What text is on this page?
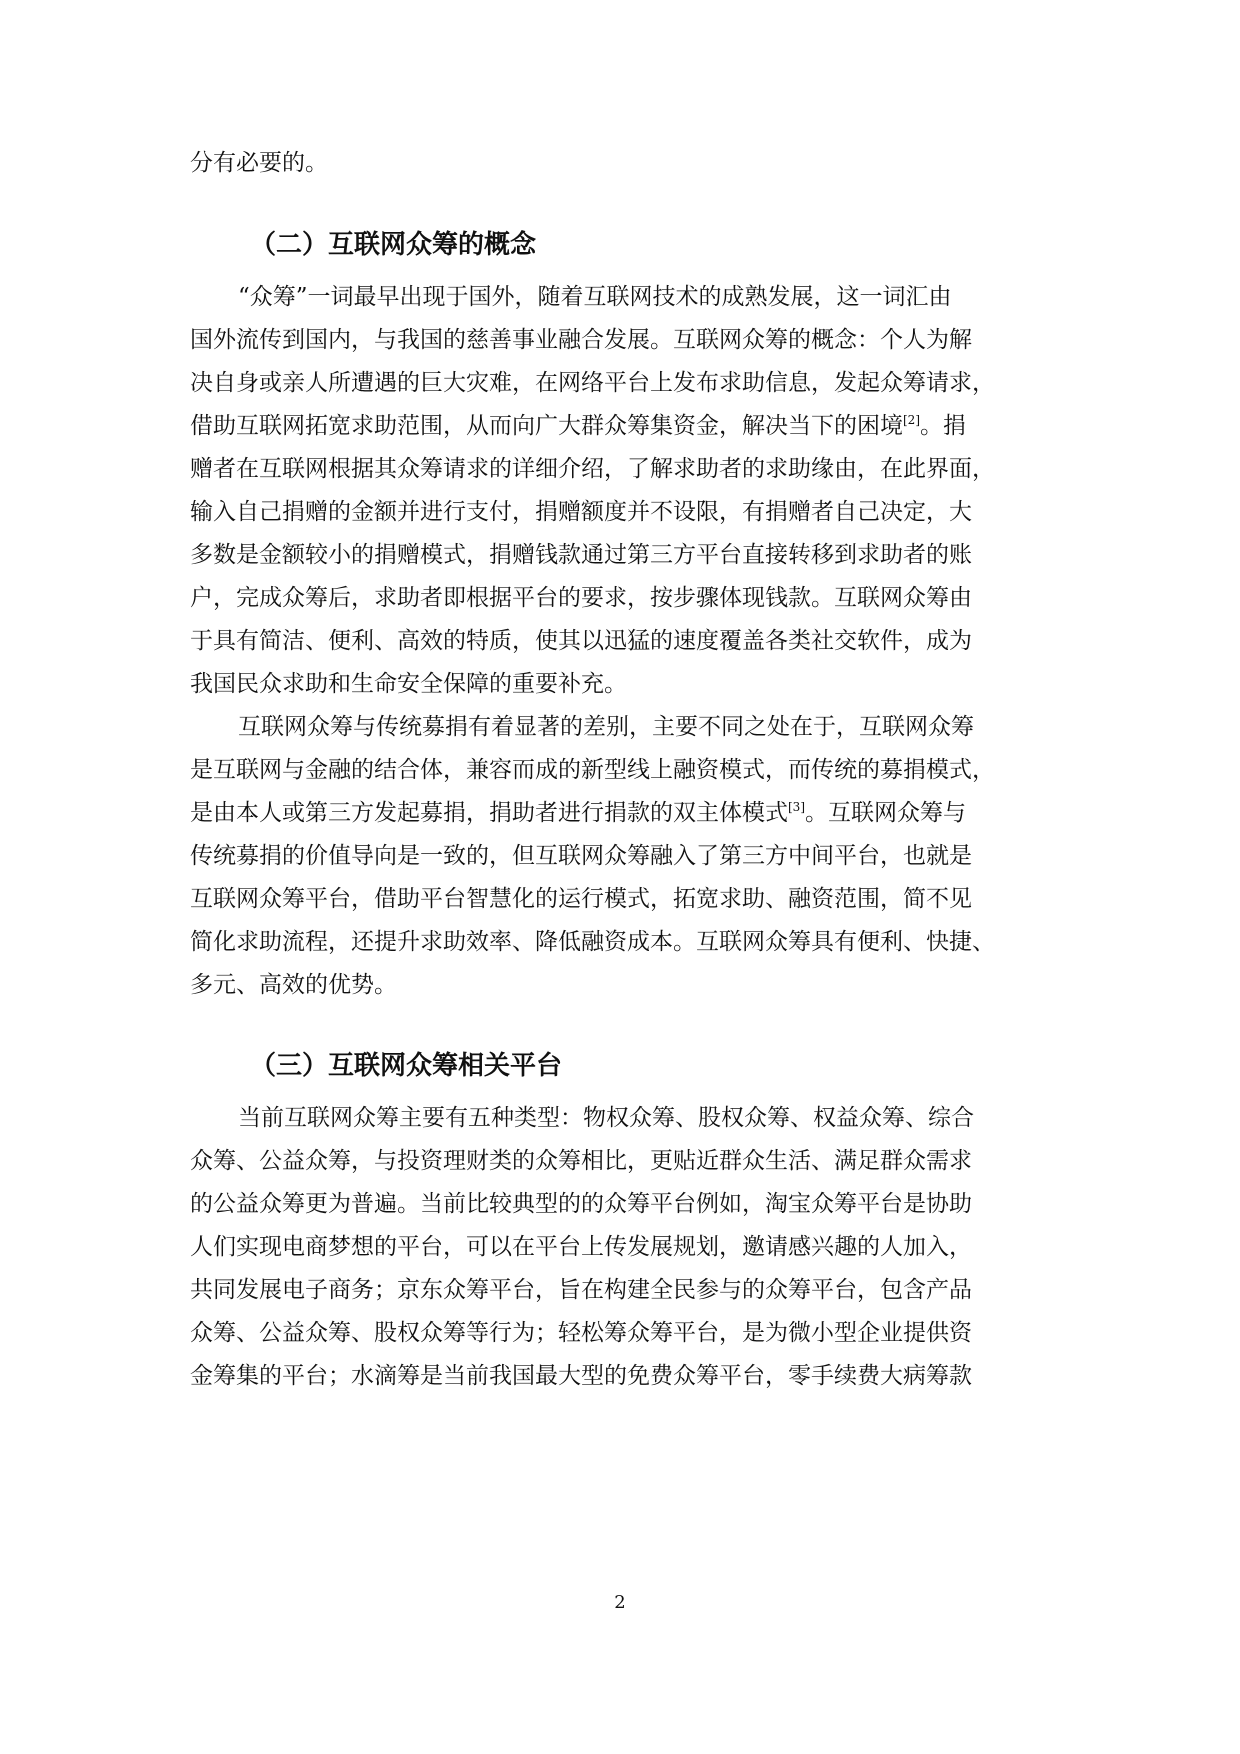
分有必要的。
（二）互联网众筹的概念
“众筹”一词最早出现于国外，随着互联网技术的成熟发展，这一词汇由
国外流传到国内，与我国的慈善事业融合发展。互联网众筹的概念：个人为解
决自身或亲人所遭遇的巨大灾难，在网络平台上发布求助信息，发起众筹请求，
借助互联网拓宽求助范围，从而向广大群众筹集资金，解决当下的困境[2]。捐
赠者在互联网根据其众筹请求的详细介绍，了解求助者的求助缘由，在此界面，
输入自己捐赠的金额并进行支付，捐赠额度并不设限，有捐赠者自己决定，大
多数是金额较小的捐赠模式，捐赠钱款通过第三方平台直接转移到求助者的账
户，完成众筹后，求助者即根据平台的要求，按步骤体现钱款。互联网众筹由
于具有简洁、便利、高效的特质，使其以迅猛的速度覆盖各类社交软件，成为
我国民众求助和生命安全保障的重要补充。
互联网众筹与传统募捐有着显著的差别，主要不同之处在于，互联网众筹
是互联网与金融的结合体，兼容而成的新型线上融资模式，而传统的募捐模式，
是由本人或第三方发起募捐，捐助者进行捐款的双主体模式[3]。互联网众筹与
传统募捐的价值导向是一致的，但互联网众筹融入了第三方中间平台，也就是
互联网众筹平台，借助平台智慧化的运行模式，拓宽求助、融资范围，简不见
简化求助流程，还提升求助效率、降低融资成本。互联网众筹具有便利、快捷、
多元、高效的优势。
（三）互联网众筹相关平台
当前互联网众筹主要有五种类型：物权众筹、股权众筹、权益众筹、综合
众筹、公益众筹，与投资理财类的众筹相比，更贴近群众生活、满足群众需求
的公益众筹更为普遍。当前比较典型的的众筹平台例如，淘宝众筹平台是协助
人们实现电商梦想的平台，可以在平台上传发展规划，邀请感兴趣的人加入，
共同发展电子商务；京东众筹平台，旨在构建全民参与的众筹平台，包含产品
众筹、公益众筹、股权众筹等行为；轻松筹众筹平台，是为微小型企业提供资
金筹集的平台；水滴筹是当前我国最大型的免费众筹平台，零手续费大病筹款
2
